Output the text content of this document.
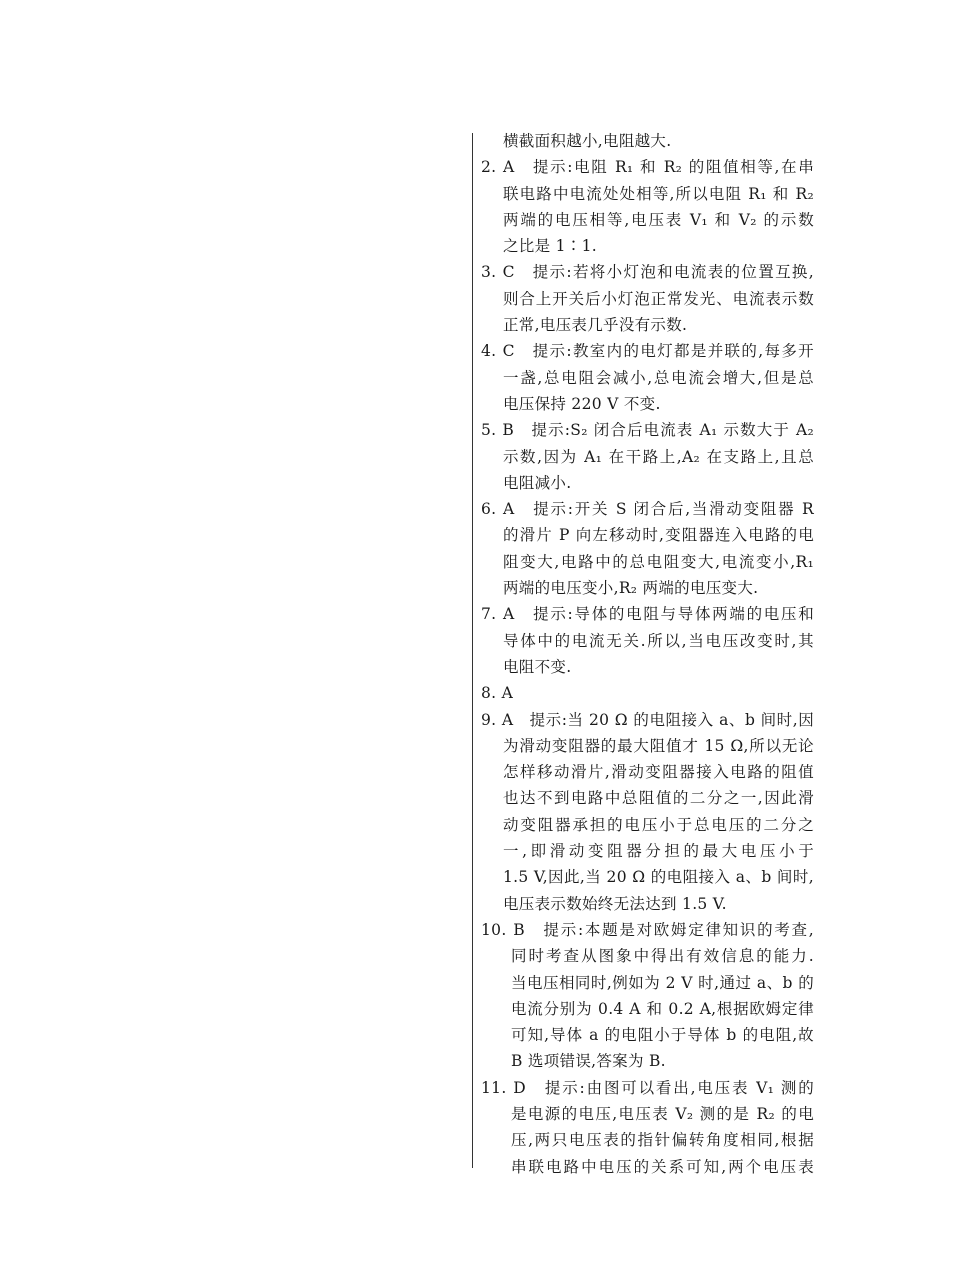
横截面积越小,电阻越大.
2. A　提示:电阻 R₁ 和 R₂ 的阻值相等,在串
联电路中电流处处相等,所以电阻 R₁ 和 R₂
两端的电压相等,电压表 V₁ 和 V₂ 的示数
之比是 1∶1.
3. C　提示:若将小灯泡和电流表的位置互换,
则合上开关后小灯泡正常发光、电流表示数
正常,电压表几乎没有示数.
4. C　提示:教室内的电灯都是并联的,每多开
一盏,总电阻会减小,总电流会增大,但是总
电压保持 220 V 不变.
5. B　提示:S₂ 闭合后电流表 A₁ 示数大于 A₂
示数,因为 A₁ 在干路上,A₂ 在支路上,且总
电阻减小.
6. A　提示:开关 S 闭合后,当滑动变阻器 R
的滑片 P 向左移动时,变阻器连入电路的电
阻变大,电路中的总电阻变大,电流变小,R₁
两端的电压变小,R₂ 两端的电压变大.
7. A　提示:导体的电阻与导体两端的电压和
导体中的电流无关.所以,当电压改变时,其
电阻不变.
8. A
9. A　提示:当 20 Ω 的电阻接入 a、b 间时,因
为滑动变阻器的最大阻值才 15 Ω,所以无论
怎样移动滑片,滑动变阻器接入电路的阻值
也达不到电路中总阻值的二分之一,因此滑
动变阻器承担的电压小于总电压的二分之
一,即滑动变阻器分担的最大电压小于
1.5 V,因此,当 20 Ω 的电阻接入 a、b 间时,
电压表示数始终无法达到 1.5 V.
10. B　提示:本题是对欧姆定律知识的考查,
同时考查从图象中得出有效信息的能力.
当电压相同时,例如为 2 V 时,通过 a、b 的
电流分别为 0.4 A 和 0.2 A,根据欧姆定律
可知,导体 a 的电阻小于导体 b 的电阻,故
B 选项错误,答案为 B.
11. D　提示:由图可以看出,电压表 V₁ 测的
是电源的电压,电压表 V₂ 测的是 R₂ 的电
压,两只电压表的指针偏转角度相同,根据
串联电路中电压的关系可知,两个电压表
